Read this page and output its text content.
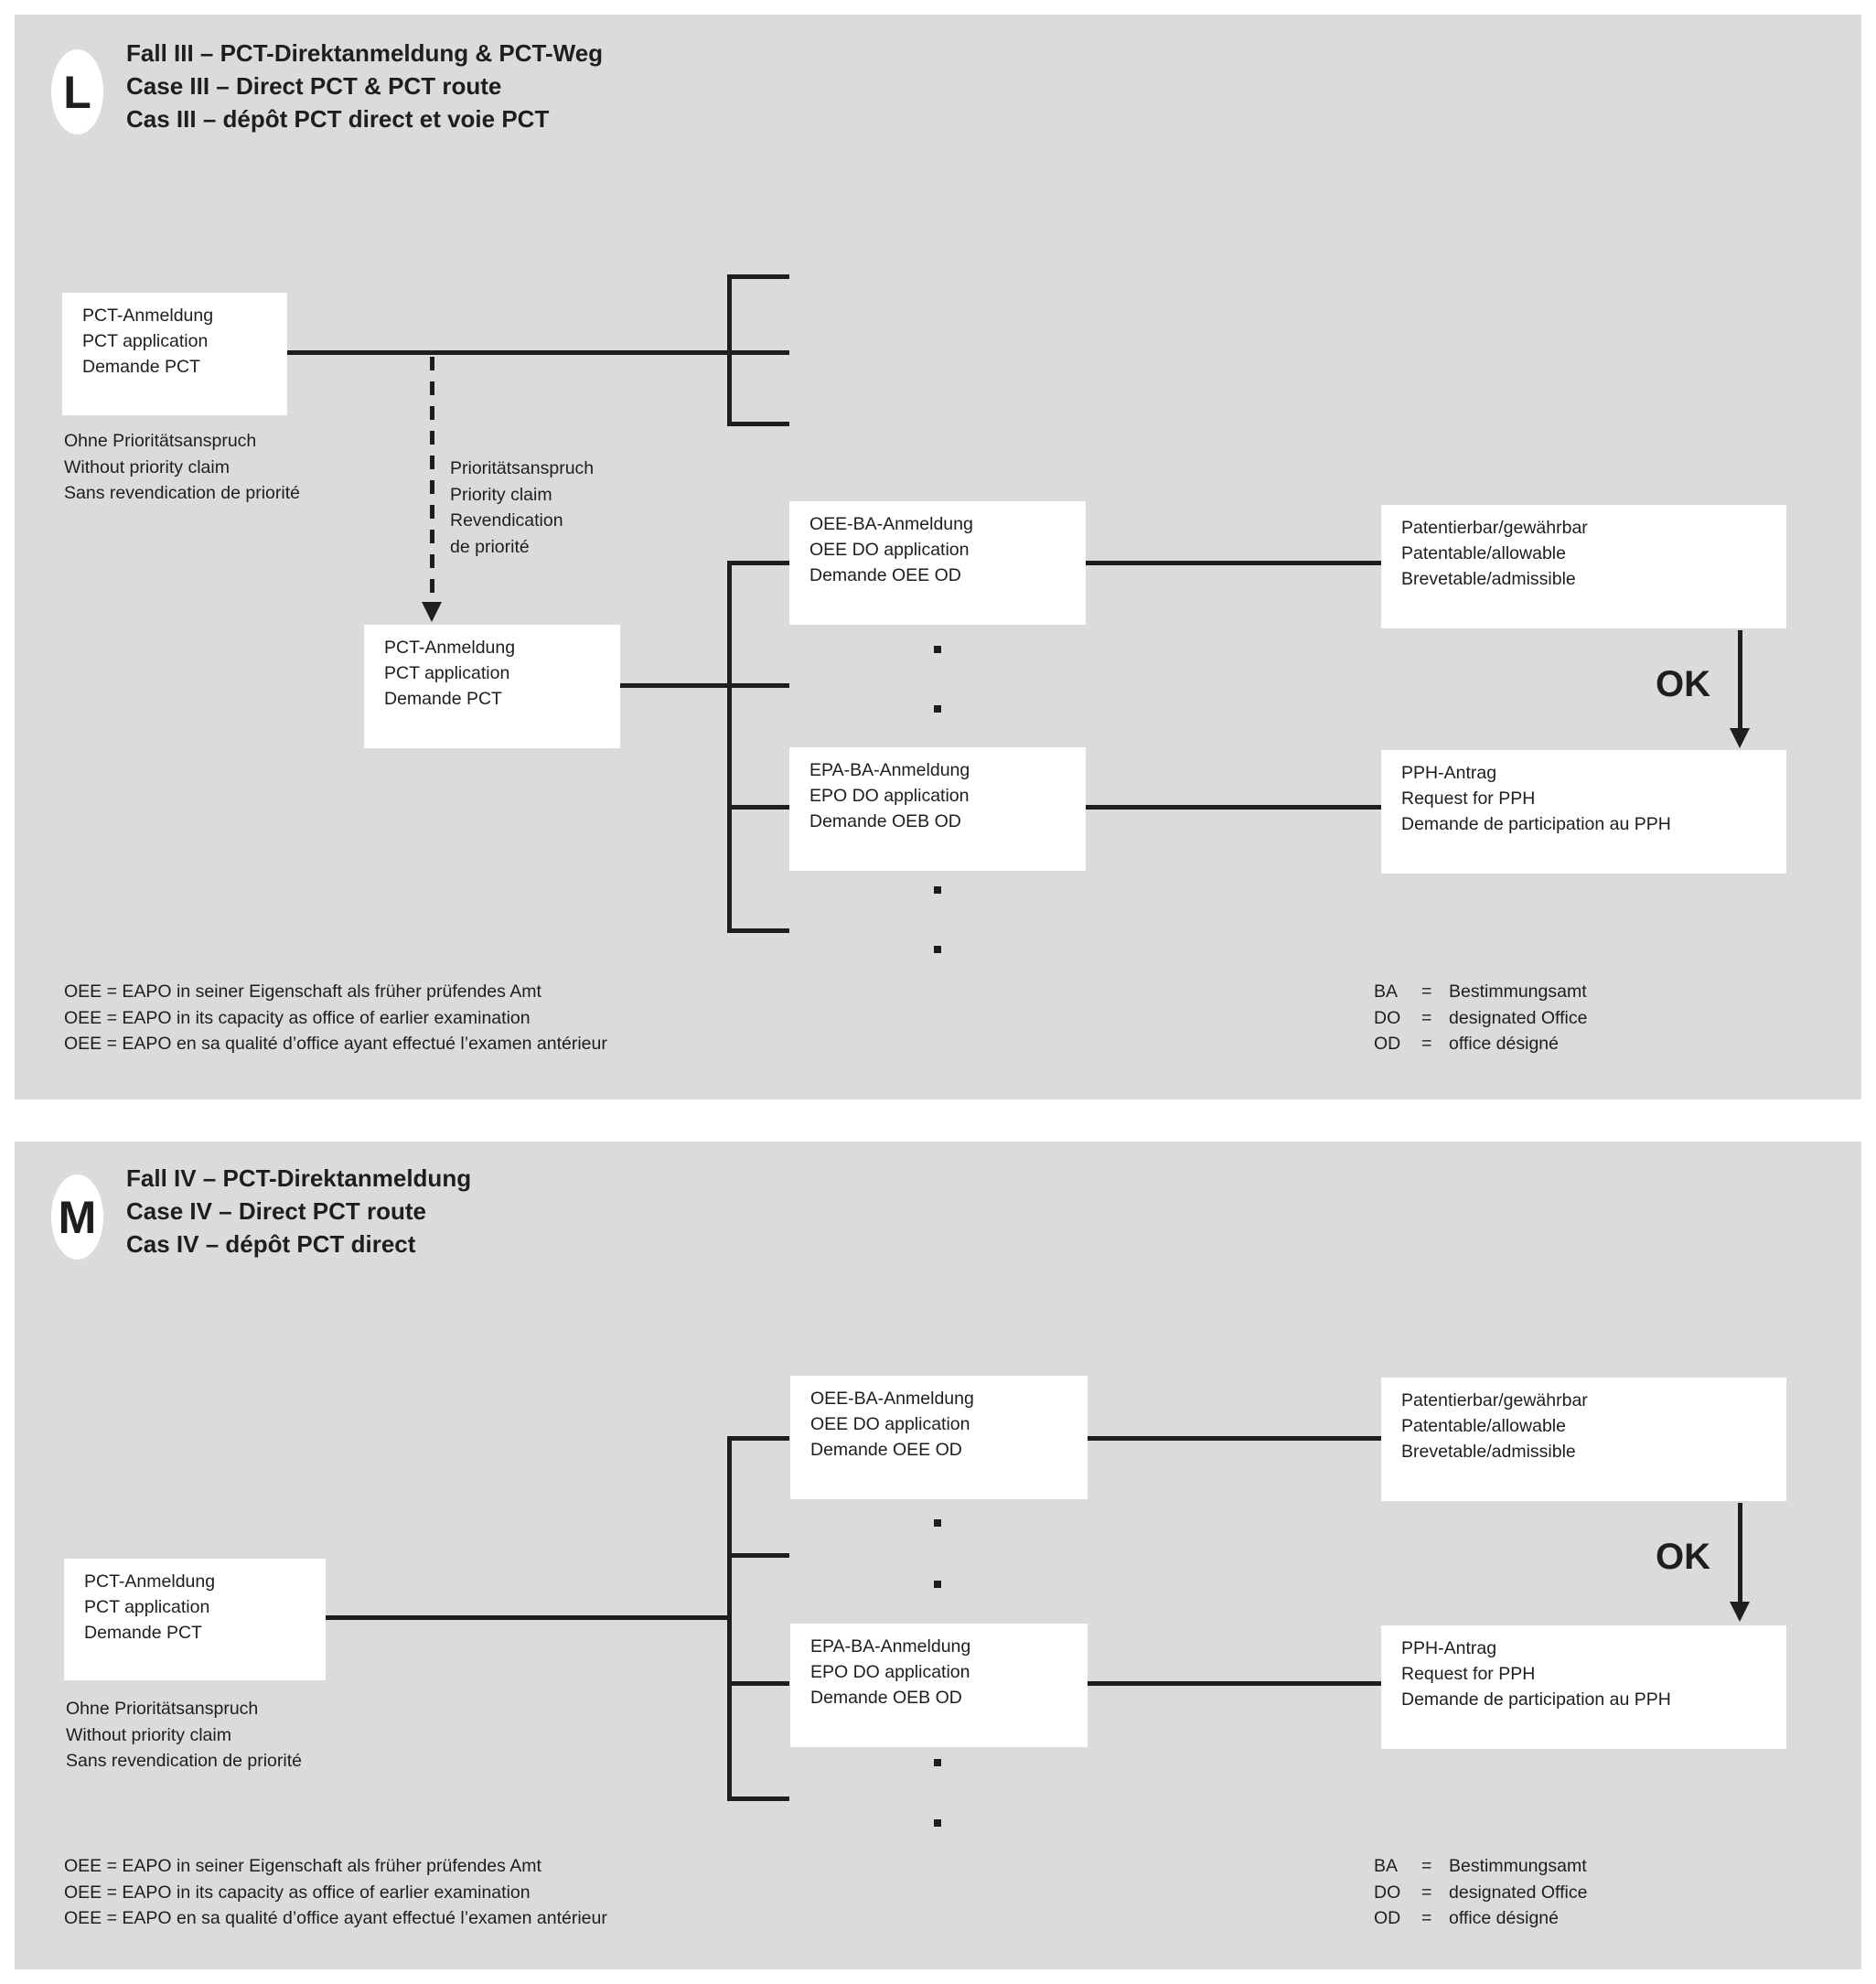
L
Fall III – PCT-Direktanmeldung & PCT-Weg
Case III – Direct PCT & PCT route
Cas III – dépôt PCT direct et voie PCT
PCT-Anmeldung
PCT application
Demande PCT
Ohne Prioritätsanspruch
Without priority claim
Sans revendication de priorité
Prioritätsanspruch
Priority claim
Revendication
de priorité
PCT-Anmeldung
PCT application
Demande PCT
OEE-BA-Anmeldung
OEE DO application
Demande OEE OD
EPA-BA-Anmeldung
EPO DO application
Demande OEB OD
Patentierbar/gewährbar
Patentable/allowable
Brevetable/admissible
OK
PPH-Antrag
Request for PPH
Demande de participation au PPH
OEE = EAPO in seiner Eigenschaft als früher prüfendes Amt
OEE = EAPO in its capacity as office of earlier examination
OEE = EAPO en sa qualité d’office ayant effectué l’examen antérieur
BA = Bestimmungsamt
DO = designated Office
OD = office désigné
M
Fall IV – PCT-Direktanmeldung
Case IV – Direct PCT route
Cas IV – dépôt PCT direct
PCT-Anmeldung
PCT application
Demande PCT
Ohne Prioritätsanspruch
Without priority claim
Sans revendication de priorité
OEE-BA-Anmeldung
OEE DO application
Demande OEE OD
EPA-BA-Anmeldung
EPO DO application
Demande OEB OD
Patentierbar/gewährbar
Patentable/allowable
Brevetable/admissible
OK
PPH-Antrag
Request for PPH
Demande de participation au PPH
OEE = EAPO in seiner Eigenschaft als früher prüfendes Amt
OEE = EAPO in its capacity as office of earlier examination
OEE = EAPO en sa qualité d’office ayant effectué l’examen antérieur
BA = Bestimmungsamt
DO = designated Office
OD = office désigné
